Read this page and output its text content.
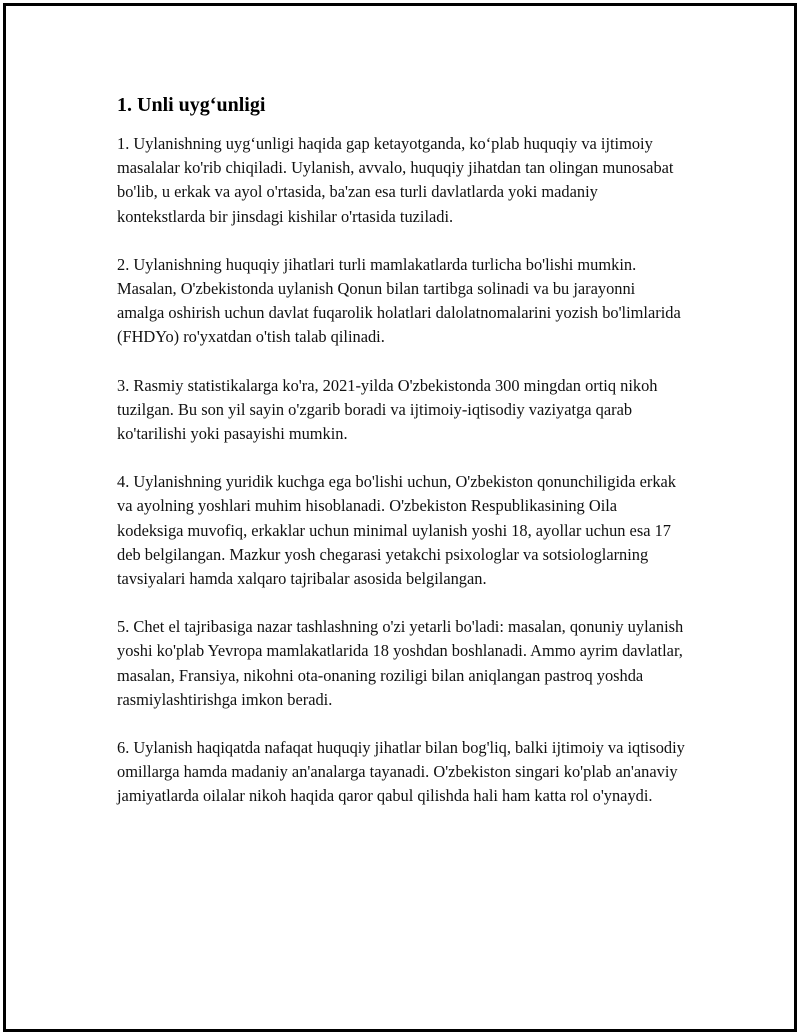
1. Unli uyg‘unligi

1. Uylanishning uyg‘unligi haqida gap ketayotganda, ko‘plab huquqiy va ijtimoiy masalalar ko'rib chiqiladi. Uylanish, avvalo, huquqiy jihatdan tan olingan munosabat bo'lib, u erkak va ayol o'rtasida, ba'zan esa turli davlatlarda yoki madaniy kontekstlarda bir jinsdagi kishilar o'rtasida tuziladi.

2. Uylanishning huquqiy jihatlari turli mamlakatlarda turlicha bo'lishi mumkin. Masalan, O'zbekistonda uylanish Qonun bilan tartibga solinadi va bu jarayonni amalga oshirish uchun davlat fuqarolik holatlari dalolatnomalarini yozish bo'limlarida (FHDYo) ro'yxatdan o'tish talab qilinadi.

3. Rasmiy statistikalarga ko'ra, 2021-yilda O'zbekistonda 300 mingdan ortiq nikoh tuzilgan. Bu son yil sayin o'zgarib boradi va ijtimoiy-iqtisodiy vaziyatga qarab ko'tarilishi yoki pasayishi mumkin.

4. Uylanishning yuridik kuchga ega bo'lishi uchun, O'zbekiston qonunchiligida erkak va ayolning yoshlari muhim hisoblanadi. O'zbekiston Respublikasining Oila kodeksiga muvofiq, erkaklar uchun minimal uylanish yoshi 18, ayollar uchun esa 17 deb belgilangan. Mazkur yosh chegarasi yetakchi psixologlar va sotsiologlarning tavsiyalari hamda xalqaro tajribalar asosida belgilangan.

5. Chet el tajribasiga nazar tashlashning o'zi yetarli bo'ladi: masalan, qonuniy uylanish yoshi ko'plab Yevropa mamlakatlarida 18 yoshdan boshlanadi. Ammo ayrim davlatlar, masalan, Fransiya, nikohni ota-onaning roziligi bilan aniqlangan pastroq yoshda rasmiylashtirishga imkon beradi.

6. Uylanish haqiqatda nafaqat huquqiy jihatlar bilan bog'liq, balki ijtimoiy va iqtisodiy omillarga hamda madaniy an'analarga tayanadi. O'zbekiston singari ko'plab an'anaviy jamiyatlarda oilalar nikoh haqida qaror qabul qilishda hali ham katta rol o'ynaydi.
